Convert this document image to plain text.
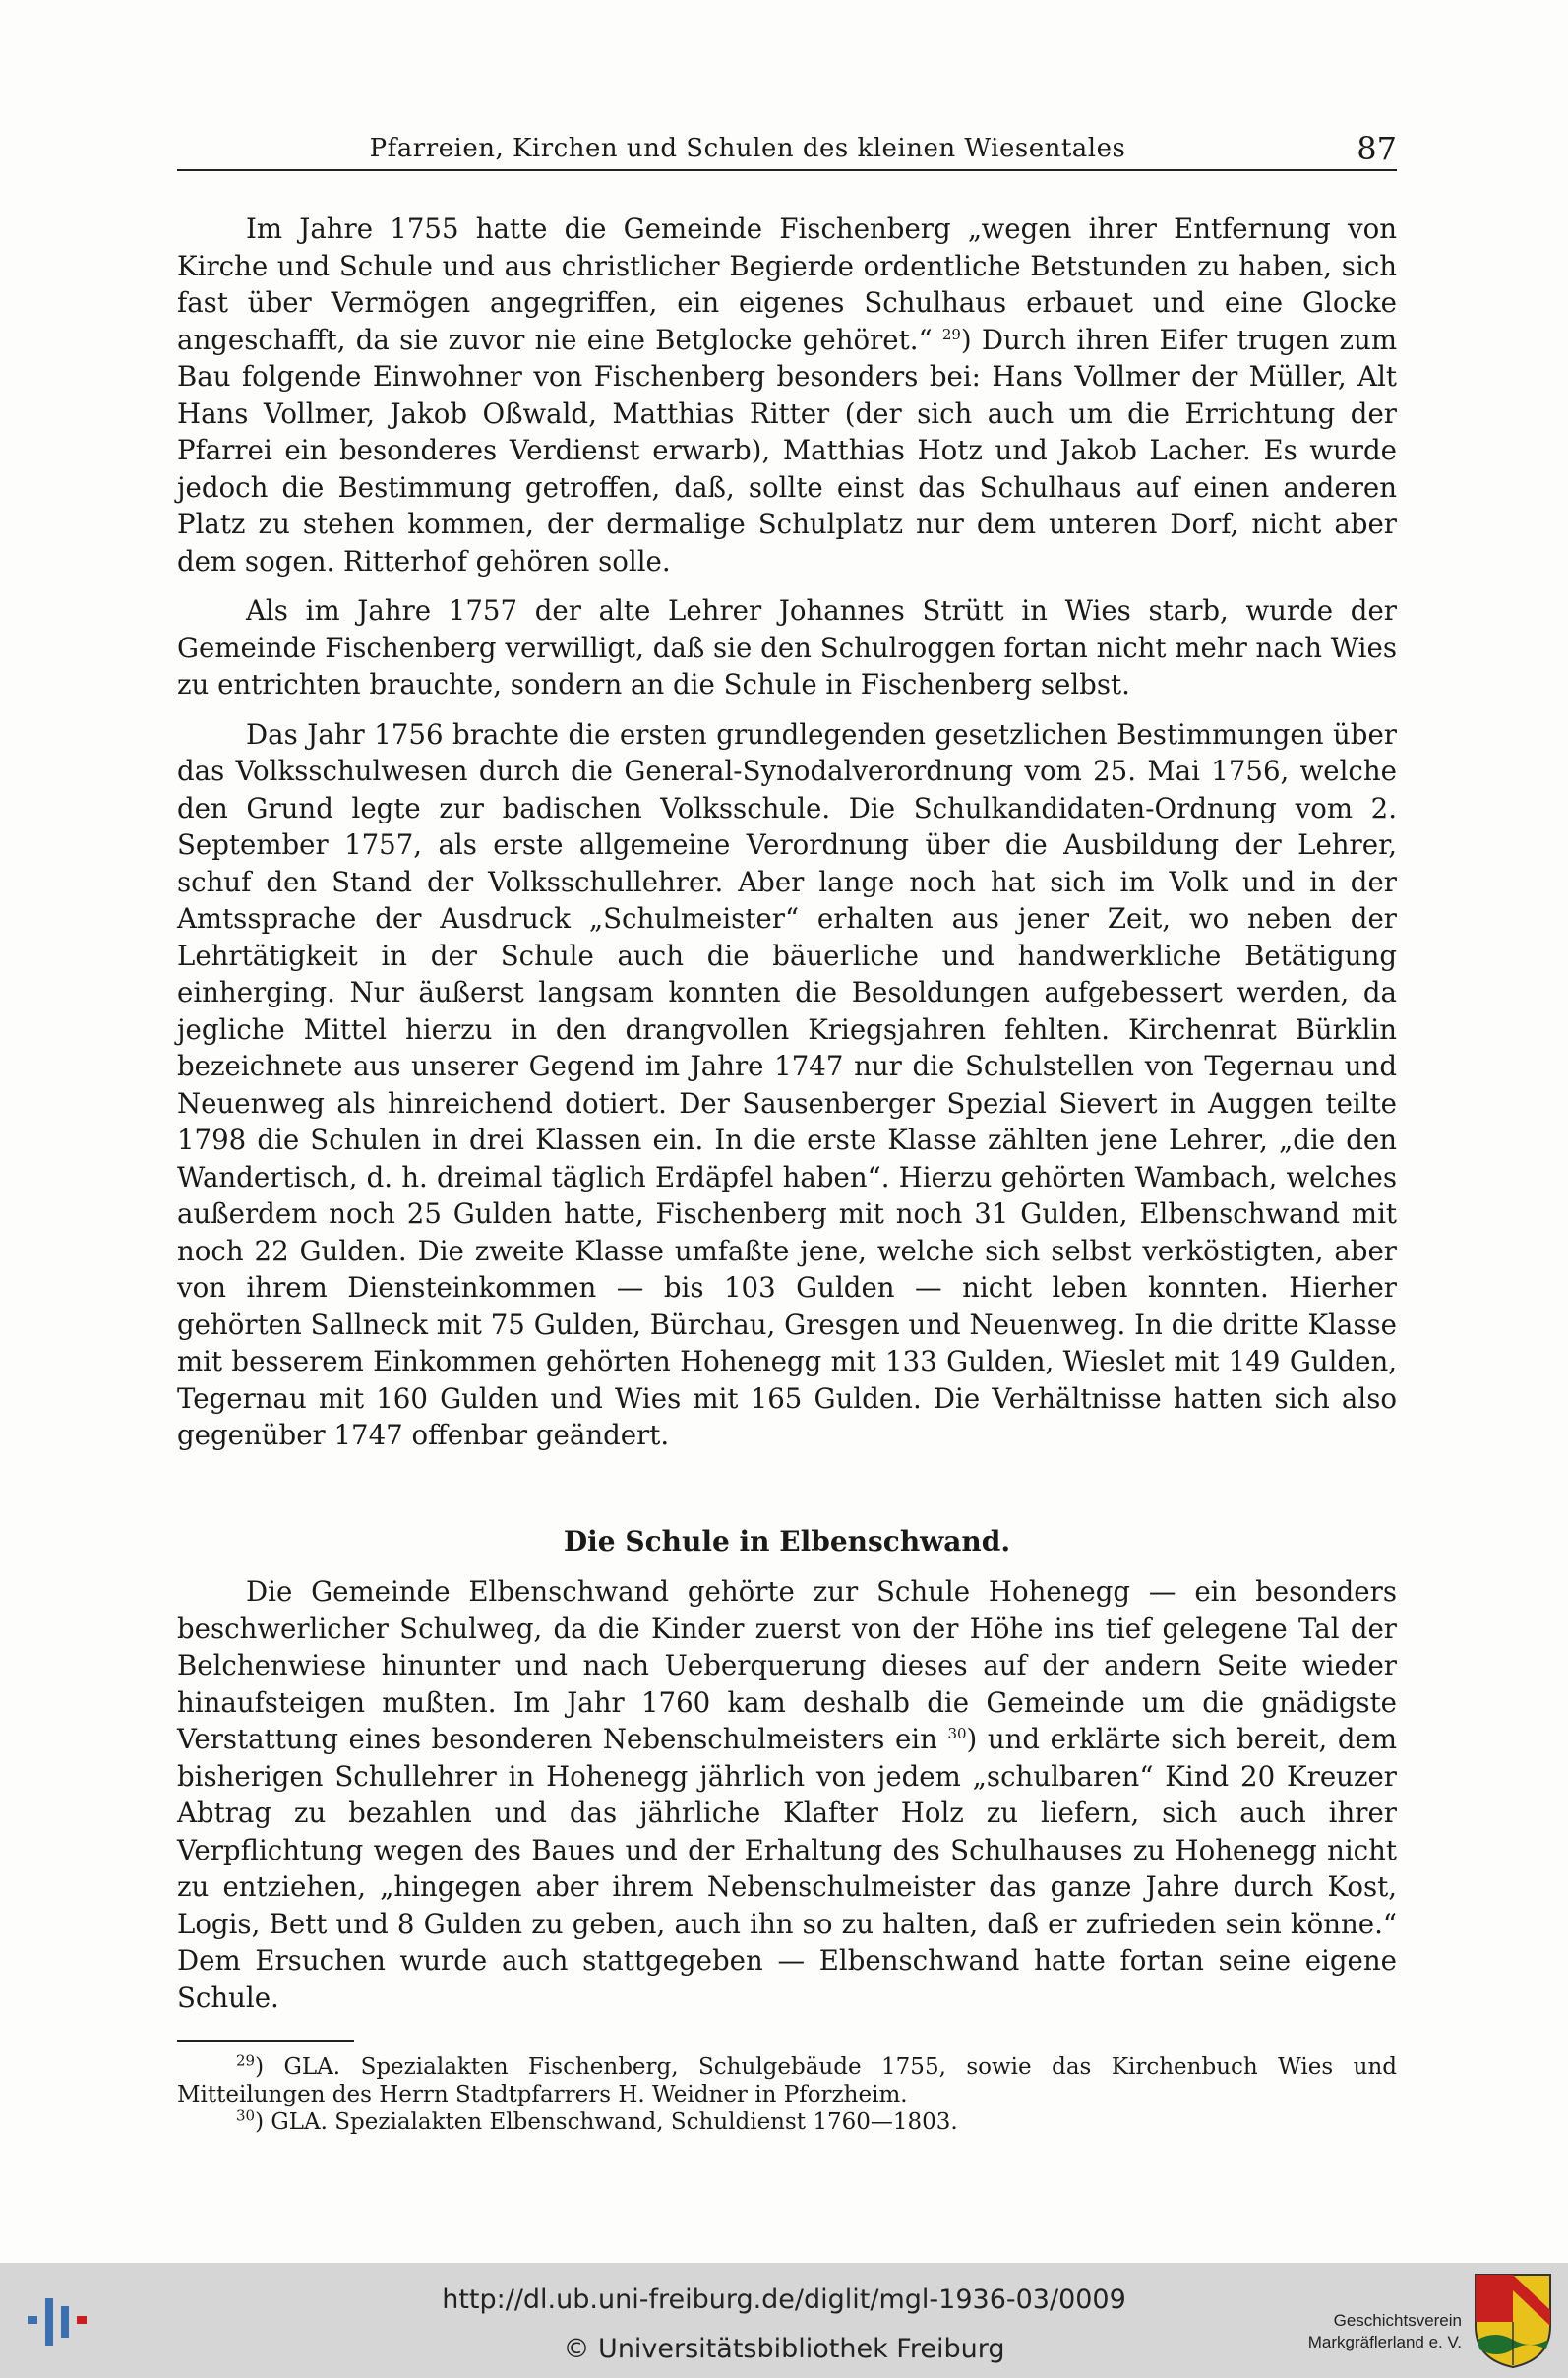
Pfarreien, Kirchen und Schulen des kleinen Wiesentales	87

Im Jahre 1755 hatte die Gemeinde Fischenberg „wegen ihrer Entfernung von Kirche und Schule und aus christlicher Begierde ordentliche Betstunden zu haben, sich fast über Vermögen angegriffen, ein eigenes Schulhaus erbauet und eine Glocke angeschafft, da sie zuvor nie eine Betglocke gehöret.“ $^{29}$) Durch ihren Eifer trugen zum Bau folgende Einwohner von Fischenberg besonders bei: Hans Vollmer der Müller, Alt Hans Vollmer, Jakob Oßwald, Matthias Ritter (der sich auch um die Errichtung der Pfarrei ein besonderes Verdienst erwarb), Matthias Hotz und Jakob Lacher. Es wurde jedoch die Bestimmung getroffen, daß, sollte einst das Schulhaus auf einen anderen Platz zu stehen kommen, der dermalige Schulplatz nur dem unteren Dorf, nicht aber dem sogen. Ritterhof gehören solle.

Als im Jahre 1757 der alte Lehrer Johannes Strütt in Wies starb, wurde der Gemeinde Fischenberg verwilligt, daß sie den Schulroggen fortan nicht mehr nach Wies zu entrichten brauchte, sondern an die Schule in Fischenberg selbst.

Das Jahr 1756 brachte die ersten grundlegenden gesetzlichen Bestimmungen über das Volksschulwesen durch die General-Synodalverordnung vom 25. Mai 1756, welche den Grund legte zur badischen Volksschule. Die Schulkandidaten-Ordnung vom 2. September 1757, als erste allgemeine Verordnung über die Ausbildung der Lehrer, schuf den Stand der Volksschullehrer. Aber lange noch hat sich im Volk und in der Amtssprache der Ausdruck „Schulmeister“ erhalten aus jener Zeit, wo neben der Lehrtätigkeit in der Schule auch die bäuerliche und handwerkliche Betätigung einherging. Nur äußerst langsam konnten die Besoldungen aufgebessert werden, da jegliche Mittel hierzu in den drangvollen Kriegsjahren fehlten. Kirchenrat Bürklin bezeichnete aus unserer Gegend im Jahre 1747 nur die Schulstellen von Tegernau und Neuenweg als hinreichend dotiert. Der Sausenberger Spezial Sievert in Auggen teilte 1798 die Schulen in drei Klassen ein. In die erste Klasse zählten jene Lehrer, „die den Wandertisch, d. h. dreimal täglich Erdäpfel haben“. Hierzu gehörten Wambach, welches außerdem noch 25 Gulden hatte, Fischenberg mit noch 31 Gulden, Elbenschwand mit noch 22 Gulden. Die zweite Klasse umfaßte jene, welche sich selbst verköstigten, aber von ihrem Diensteinkommen — bis 103 Gulden — nicht leben konnten. Hierher gehörten Sallneck mit 75 Gulden, Bürchau, Gresgen und Neuenweg. In die dritte Klasse mit besserem Einkommen gehörten Hohenegg mit 133 Gulden, Wieslet mit 149 Gulden, Tegernau mit 160 Gulden und Wies mit 165 Gulden. Die Verhältnisse hatten sich also gegenüber 1747 offenbar geändert.

Die Schule in Elbenschwand.

Die Gemeinde Elbenschwand gehörte zur Schule Hohenegg — ein besonders beschwerlicher Schulweg, da die Kinder zuerst von der Höhe ins tief gelegene Tal der Belchenwiese hinunter und nach Ueberquerung dieses auf der andern Seite wieder hinaufsteigen mußten. Im Jahr 1760 kam deshalb die Gemeinde um die gnädigste Verstattung eines besonderen Nebenschulmeisters ein $^{30}$) und erklärte sich bereit, dem bisherigen Schullehrer in Hohenegg jährlich von jedem „schulbaren“ Kind 20 Kreuzer Abtrag zu bezahlen und das jährliche Klafter Holz zu liefern, sich auch ihrer Verpflichtung wegen des Baues und der Erhaltung des Schulhauses zu Hohenegg nicht zu entziehen, „hingegen aber ihrem Nebenschulmeister das ganze Jahre durch Kost, Logis, Bett und 8 Gulden zu geben, auch ihn so zu halten, daß er zufrieden sein könne.“ Dem Ersuchen wurde auch stattgegeben — Elbenschwand hatte fortan seine eigene Schule.

$^{29}$) GLA. Spezialakten Fischenberg, Schulgebäude 1755, sowie das Kirchenbuch Wies und Mitteilungen des Herrn Stadtpfarrers H. Weidner in Pforzheim.

$^{30}$) GLA. Spezialakten Elbenschwand, Schuldienst 1760—1803.

http://dl.ub.uni-freiburg.de/diglit/mgl-1936-03/0009
© Universitätsbibliothek Freiburg
Geschichtsverein
Markgräflerland e. V.
